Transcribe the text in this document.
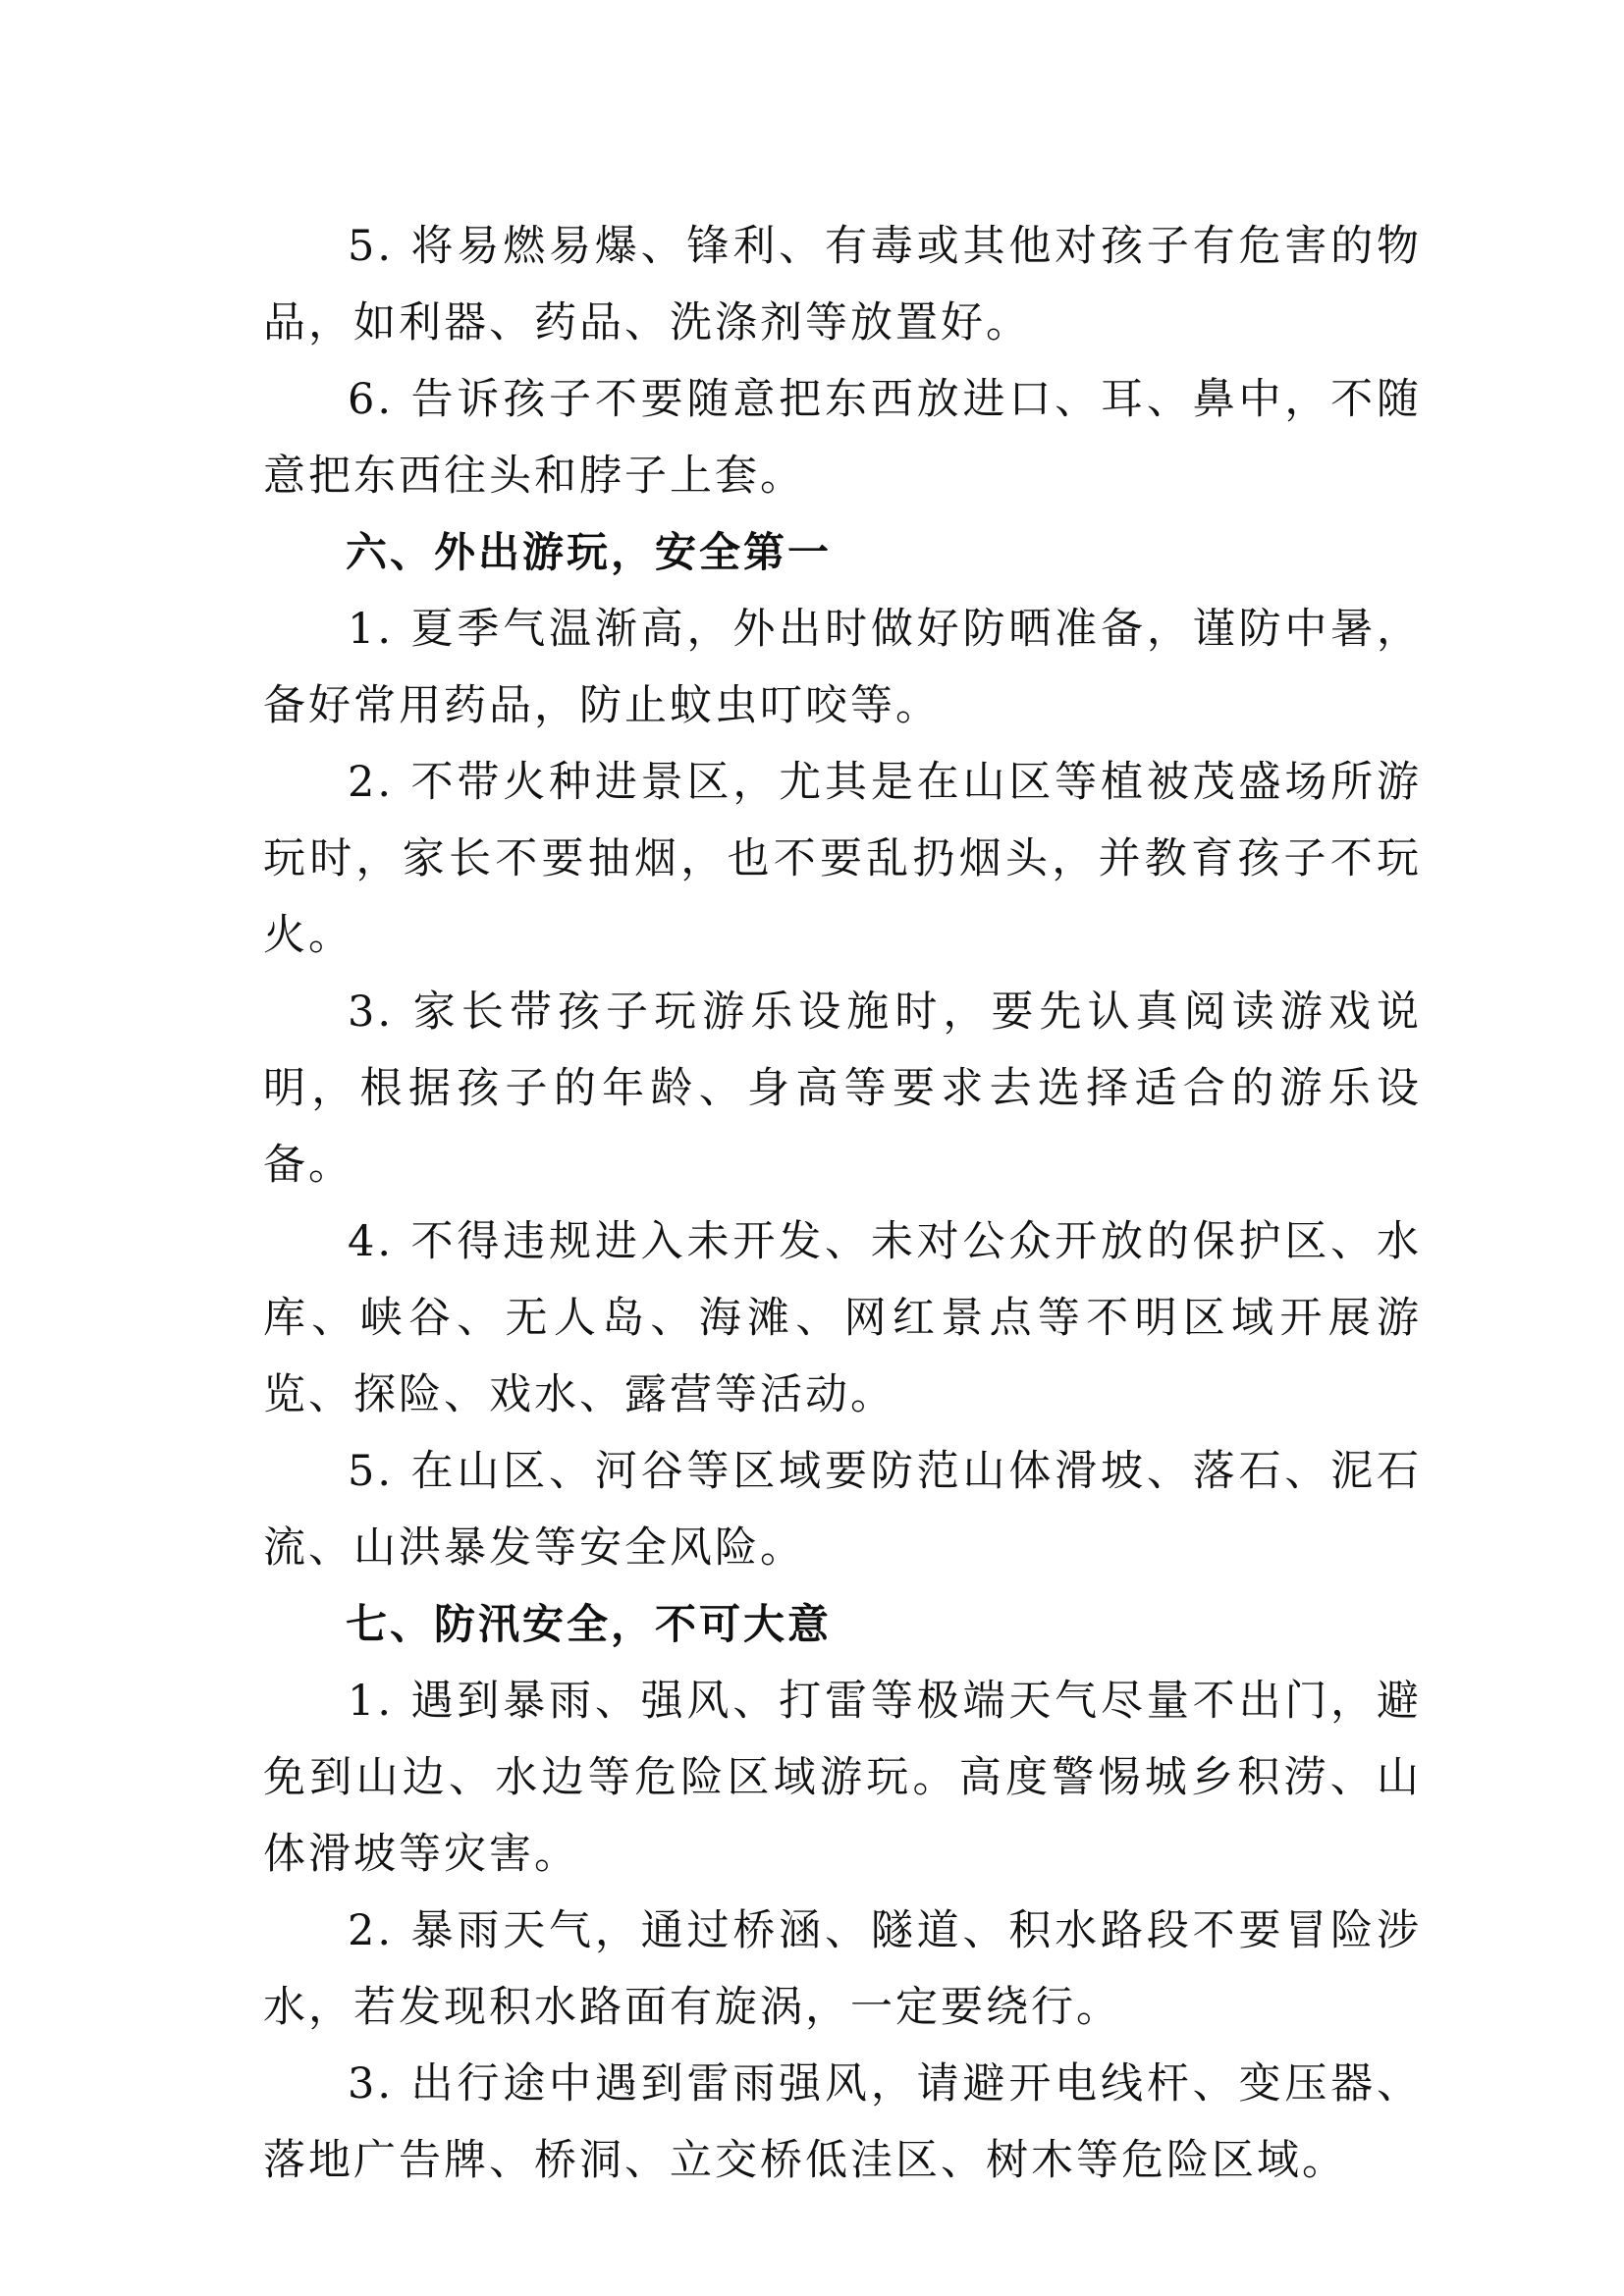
5. 将易燃易爆、锋利、有毒或其他对孩子有危害的物品，如利器、药品、洗涤剂等放置好。

6. 告诉孩子不要随意把东西放进口、耳、鼻中，不随意把东西往头和脖子上套。

六、外出游玩，安全第一

1. 夏季气温渐高，外出时做好防晒准备，谨防中暑，备好常用药品，防止蚊虫叮咬等。

2. 不带火种进景区，尤其是在山区等植被茂盛场所游玩时，家长不要抽烟，也不要乱扔烟头，并教育孩子不玩火。

3. 家长带孩子玩游乐设施时，要先认真阅读游戏说明，根据孩子的年龄、身高等要求去选择适合的游乐设备。

4. 不得违规进入未开发、未对公众开放的保护区、水库、峡谷、无人岛、海滩、网红景点等不明区域开展游览、探险、戏水、露营等活动。

5. 在山区、河谷等区域要防范山体滑坡、落石、泥石流、山洪暴发等安全风险。

七、防汛安全，不可大意

1. 遇到暴雨、强风、打雷等极端天气尽量不出门，避免到山边、水边等危险区域游玩。高度警惕城乡积涝、山体滑坡等灾害。

2. 暴雨天气，通过桥涵、隧道、积水路段不要冒险涉水，若发现积水路面有旋涡，一定要绕行。

3. 出行途中遇到雷雨强风，请避开电线杆、变压器、落地广告牌、桥洞、立交桥低洼区、树木等危险区域。
